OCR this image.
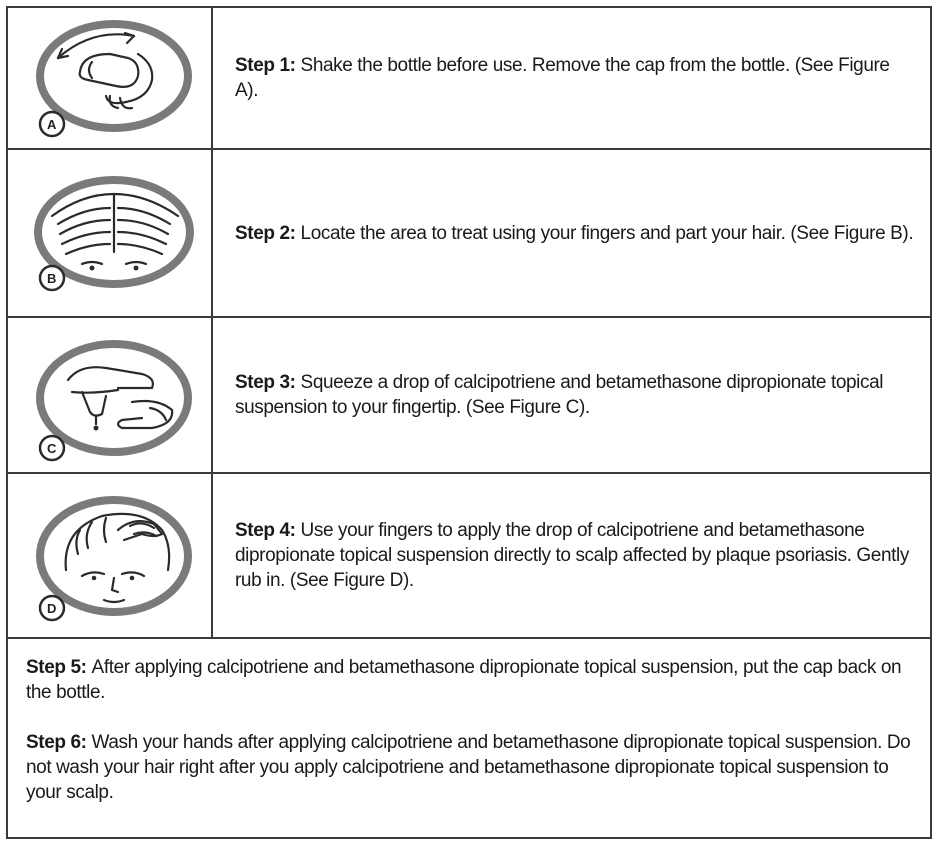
A
Step 1: Shake the bottle before use. Remove the cap from the bottle. (See Figure A).
B
Step 2: Locate the area to treat using your fingers and part your hair. (See Figure B).
C
Step 3: Squeeze a drop of calcipotriene and betamethasone dipropionate topical suspension to your fingertip. (See Figure C).
D
Step 4: Use your fingers to apply the drop of calcipotriene and betamethasone dipropionate topical suspension directly to scalp affected by plaque psoriasis. Gently rub in. (See Figure D).

Step 5: After applying calcipotriene and betamethasone dipropionate topical suspension, put the cap back on the bottle.

Step 6: Wash your hands after applying calcipotriene and betamethasone dipropionate topical suspension. Do not wash your hair right after you apply calcipotriene and betamethasone dipropionate topical suspension to your scalp.
